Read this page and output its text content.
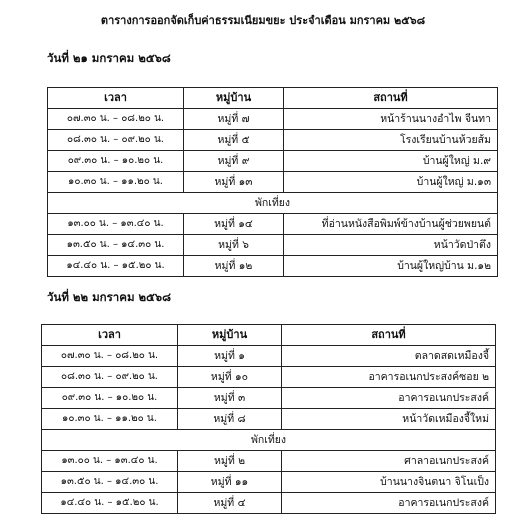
ตารางการออกจัดเก็บค่าธรรมเนียมขยะ ประจำเดือน มกราคม ๒๕๖๘
วันที่ ๒๑ มกราคม ๒๕๖๘
เวลา	หมู่บ้าน	สถานที่
๐๗.๓๐ น. – ๐๘.๒๐ น.	หมู่ที่ ๗	หน้าร้านนางอำไพ จีนทา
๐๘.๓๐ น. – ๐๙.๒๐ น.	หมู่ที่ ๕	โรงเรียนบ้านห้วยส้ม
๐๙.๓๐ น. – ๑๐.๒๐ น.	หมู่ที่ ๙	บ้านผู้ใหญ่ ม.๙
๑๐.๓๐ น. – ๑๑.๒๐ น.	หมู่ที่ ๑๓	บ้านผู้ใหญ่ ม.๑๓
พักเที่ยง		
๑๓.๐๐ น. – ๑๓.๔๐ น.	หมู่ที่ ๑๔	ที่อ่านหนังสือพิมพ์ข้างบ้านผู้ช่วยพยนต์
๑๓.๕๐ น. – ๑๔.๓๐ น.	หมู่ที่ ๖	หน้าวัดป่าตึง
๑๔.๔๐ น. – ๑๕.๒๐ น.	หมู่ที่ ๑๒	บ้านผู้ใหญ่บ้าน ม.๑๒
วันที่ ๒๒ มกราคม ๒๕๖๘
เวลา	หมู่บ้าน	สถานที่
๐๗.๓๐ น. – ๐๘.๒๐ น.	หมู่ที่ ๑	ตลาดสดเหมืองจี้
๐๘.๓๐ น. – ๐๙.๒๐ น.	หมู่ที่ ๑๐	อาคารอเนกประสงค์ซอย ๒
๐๙.๓๐ น. – ๑๐.๒๐ น.	หมู่ที่ ๓	อาคารอเนกประสงค์
๑๐.๓๐ น. – ๑๑.๒๐ น.	หมู่ที่ ๘	หน้าวัดเหมืองจี้ใหม่
พักเที่ยง		
๑๓.๐๐ น. – ๑๓.๔๐ น.	หมู่ที่ ๒	ศาลาอเนกประสงค์
๑๓.๕๐ น. – ๑๔.๓๐ น.	หมู่ที่ ๑๑	บ้านนางจินตนา จิโนเป็ง
๑๔.๔๐ น. – ๑๕.๒๐ น.	หมู่ที่ ๔	อาคารอเนกประสงค์
